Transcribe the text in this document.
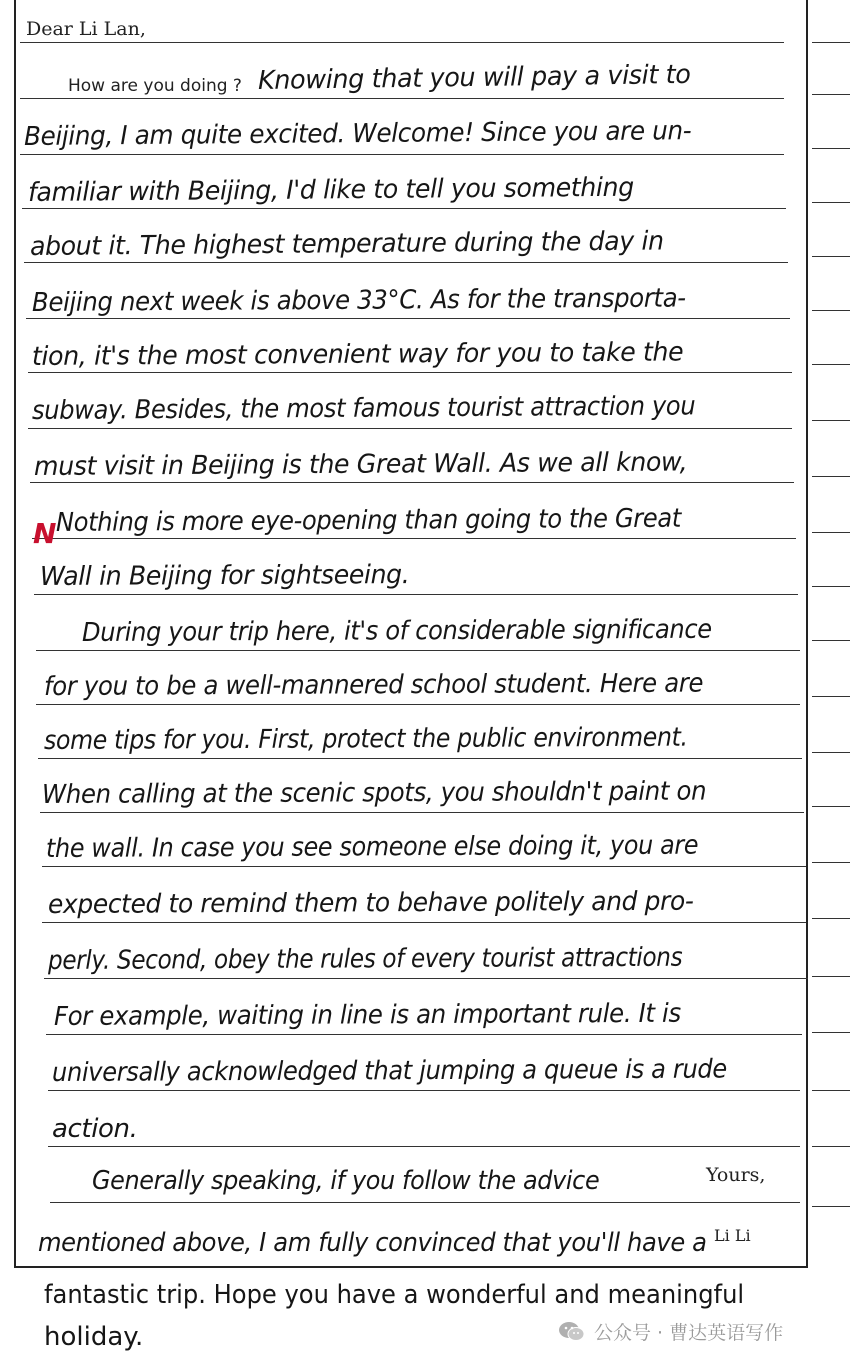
Dear Li Lan,
How are you doing ? Knowing that you will pay a visit to
Beijing, I am quite excited. Welcome! Since you are un-
familiar with Beijing, I'd like to tell you something
about it. The highest temperature during the day in
Beijing next week is above 33°C. As for the transporta-
tion, it's the most convenient way for you to take the
subway. Besides, the most famous tourist attraction you
must visit in Beijing is the Great Wall. As we all know,
N Nothing is more eye-opening than going to the Great
Wall in Beijing for sightseeing.
During your trip here, it's of considerable significance
for you to be a well-mannered school student. Here are
some tips for you. First, protect the public environment.
When calling at the scenic spots, you shouldn't paint on
the wall. In case you see someone else doing it, you are
expected to remind them to behave politely and pro-
perly. Second, obey the rules of every tourist attractions
For example, waiting in line is an important rule. It is
universally acknowledged that jumping a queue is a rude
action.
Generally speaking, if you follow the advice	Yours,
mentioned above, I am fully convinced that you'll have a Li Li
fantastic trip. Hope you have a wonderful and meaningful
holiday.	公众号 · 曹达英语写作
